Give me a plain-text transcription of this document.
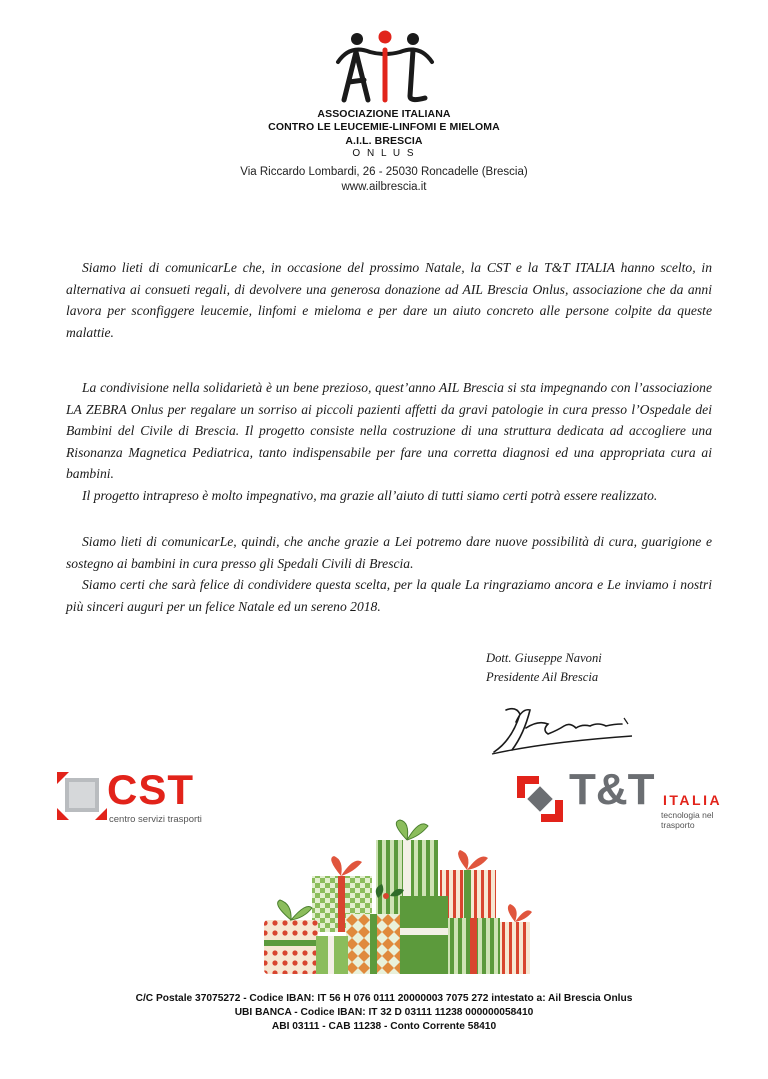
ASSOCIAZIONE ITALIANA
CONTRO LE LEUCEMIE-LINFOMI E MIELOMA
A.I.L. BRESCIA
O N L U S
Via Riccardo Lombardi, 26 - 25030 Roncadelle (Brescia)
www.ailbrescia.it
Siamo lieti di comunicarLe che, in occasione del prossimo Natale, la CST e la T&T ITALIA hanno scelto, in alternativa ai consueti regali, di devolvere una generosa donazione ad AIL Brescia Onlus, associazione che da anni lavora per sconfiggere leucemie, linfomi e mieloma e per dare un aiuto concreto alle persone colpite da queste malattie.
La condivisione nella solidarietà è un bene prezioso, quest’anno AIL Brescia si sta impegnando con l’associazione LA ZEBRA Onlus per regalare un sorriso ai piccoli pazienti affetti da gravi patologie in cura presso l’Ospedale dei Bambini del Civile di Brescia. Il progetto consiste nella costruzione di una struttura dedicata ad accogliere una Risonanza Magnetica Pediatrica, tanto indispensabile per fare una corretta diagnosi ed una appropriata cura ai bambini.
Il progetto intrapreso è molto impegnativo, ma grazie all’aiuto di tutti siamo certi potrà essere realizzato.
Siamo lieti di comunicarLe, quindi, che anche grazie a Lei potremo dare nuove possibilità di cura, guarigione e sostegno ai bambini in cura presso gli Spedali Civili di Brescia.
Siamo certi che sarà felice di condividere questa scelta, per la quale La ringraziamo ancora e Le inviamo i nostri più sinceri auguri per un felice Natale ed un sereno 2018.
Dott. Giuseppe Navoni
Presidente Ail Brescia
CST
centro servizi trasporti
T&T ITALIA
tecnologia nel trasporto
C/C Postale 37075272 - Codice IBAN: IT 56 H 076 0111 20000003 7075 272 intestato a: Ail Brescia Onlus
UBI BANCA - Codice IBAN: IT 32 D 03111 11238 000000058410
ABI 03111 - CAB 11238 - Conto Corrente 58410
